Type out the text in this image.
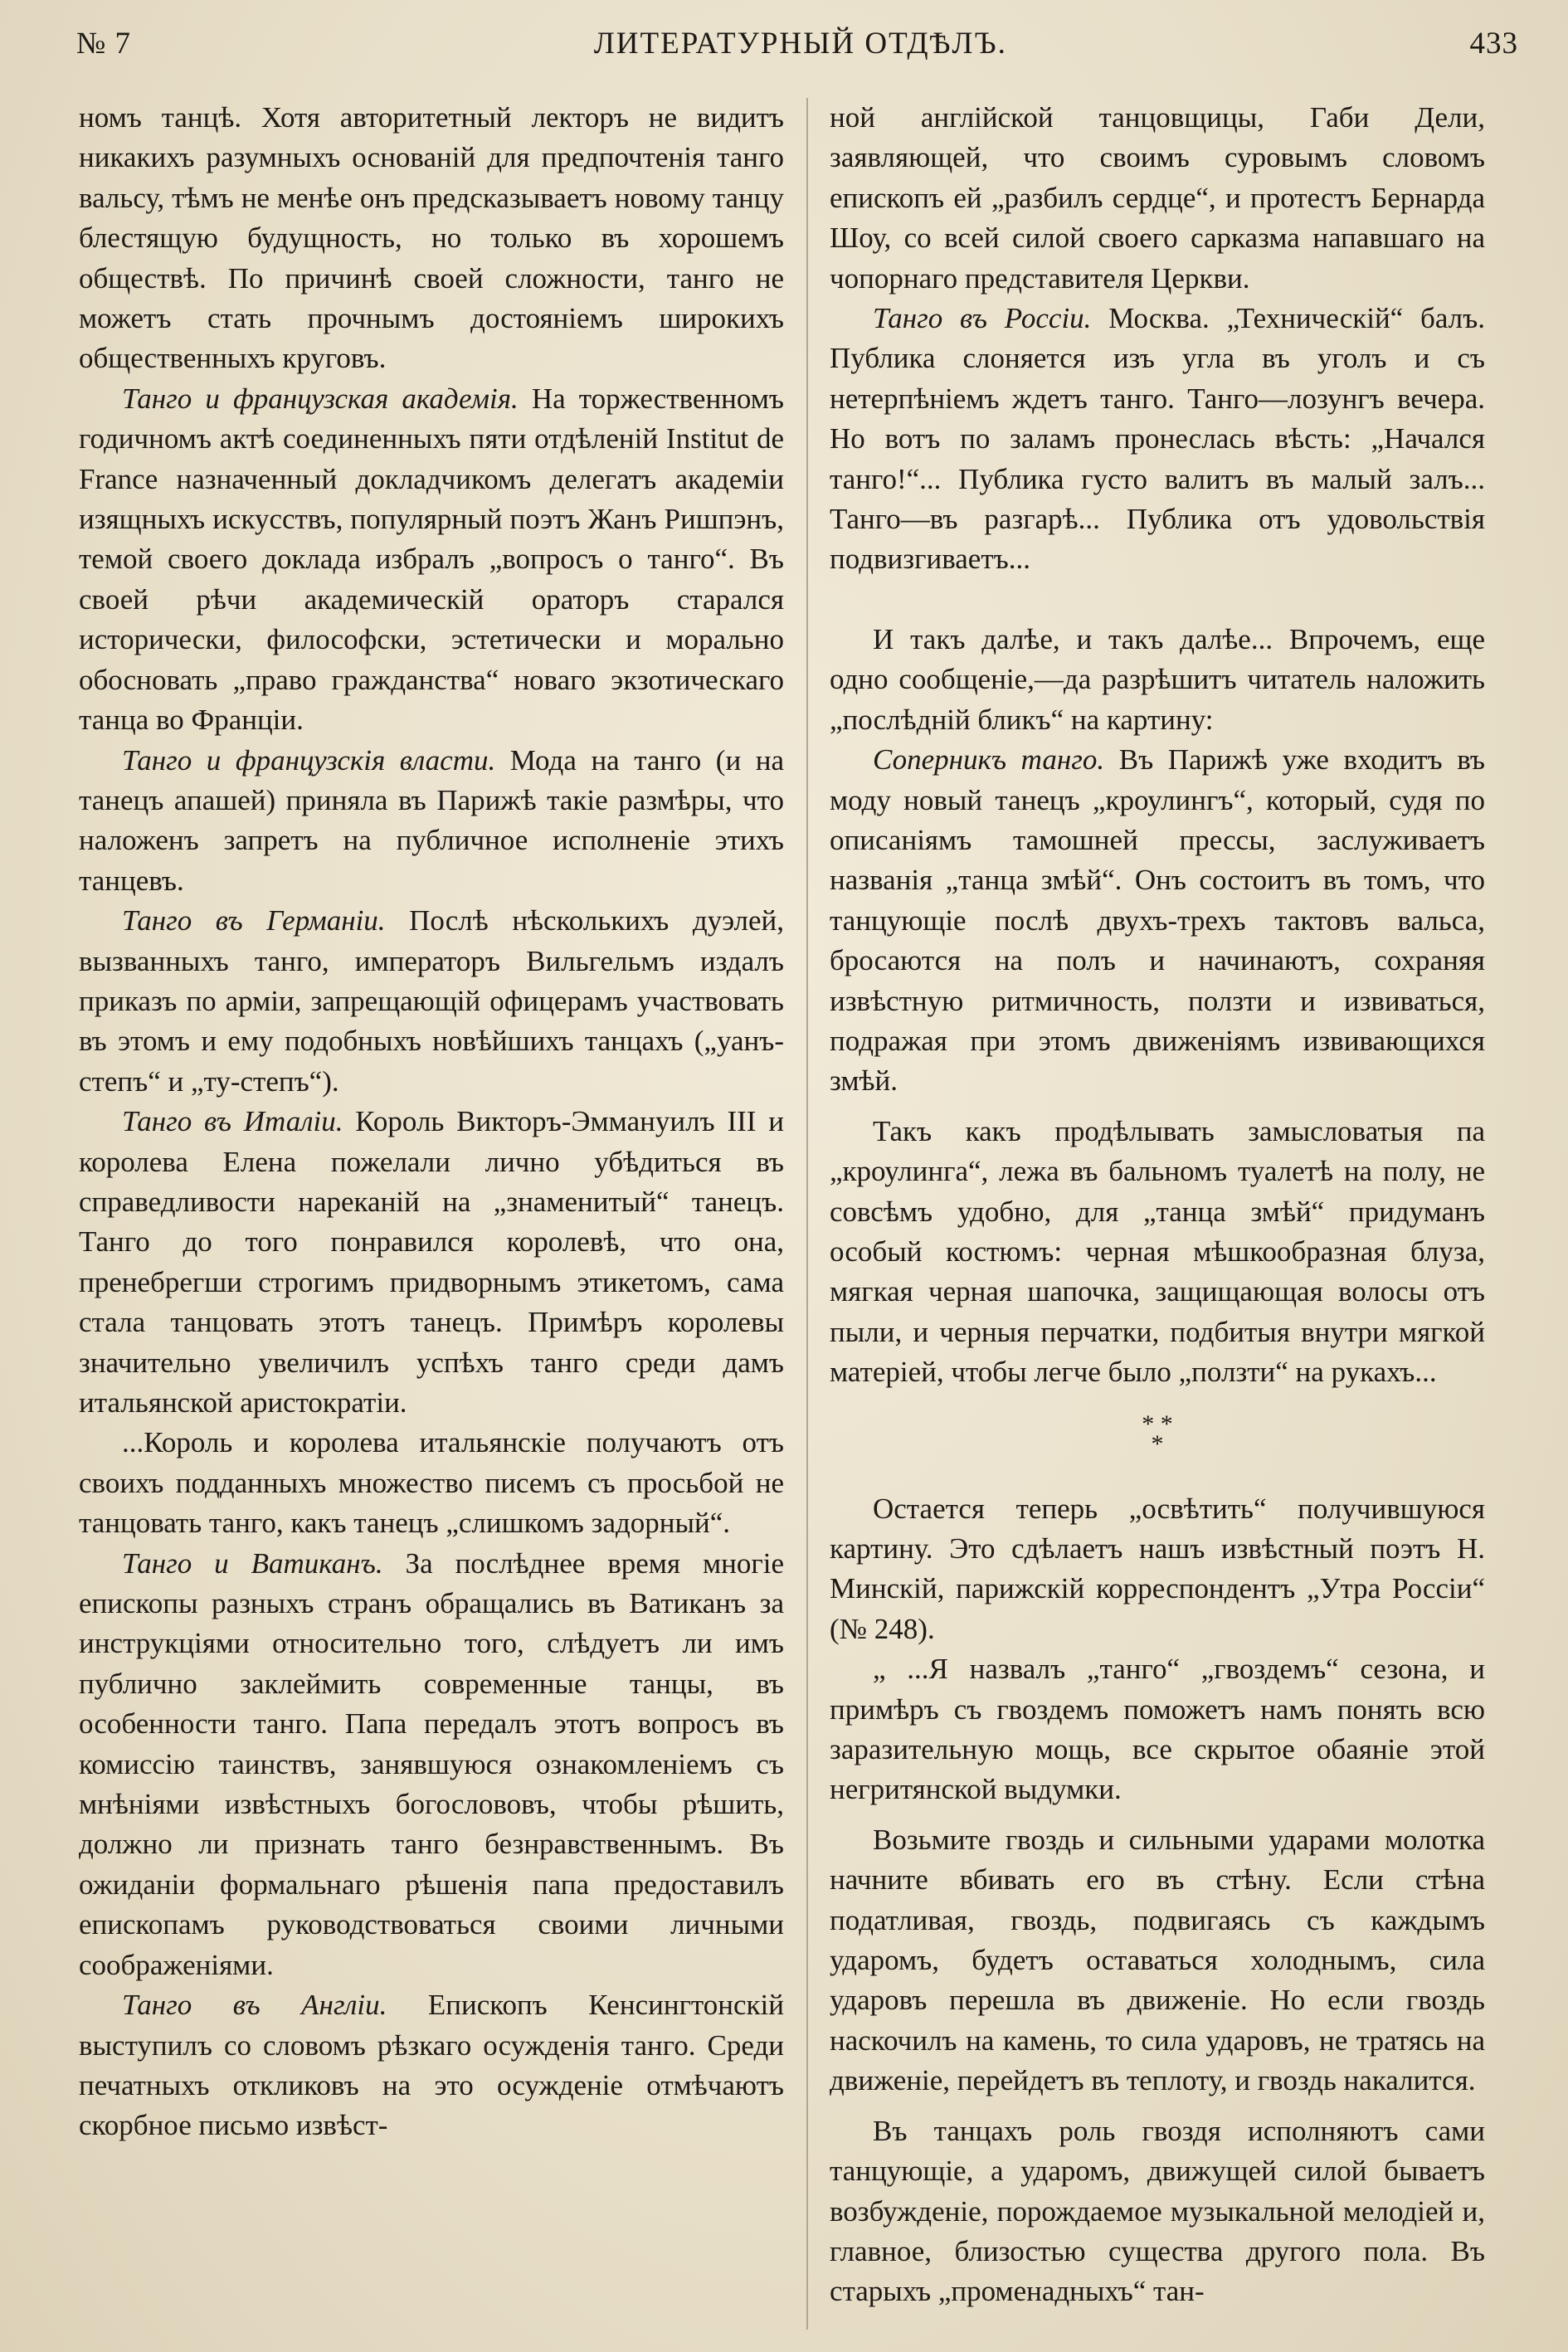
№ 7	ЛИТЕРАТУРНЫЙ ОТДѢЛЪ.	433

номъ танцѣ. Хотя авторитетный лекторъ не видитъ никакихъ разумныхъ основаній для предпочтенія танго вальсу, тѣмъ не менѣе онъ предсказываетъ новому танцу блестящую будущность, но только въ хорошемъ обществѣ. По причинѣ своей сложности, танго не можетъ стать прочнымъ достояніемъ широкихъ общественныхъ круговъ.

Танго и французская академія. На торжественномъ годичномъ актѣ соединенныхъ пяти отдѣленій Institut de France назначенный докладчикомъ делегатъ академіи изящныхъ искусствъ, популярный поэтъ Жанъ Ришпэнъ, темой своего доклада избралъ „вопросъ о танго“. Въ своей рѣчи академическій ораторъ старался исторически, философски, эстетически и морально обосновать „право гражданства“ новаго экзотическаго танца во Франціи.

Танго и французскія власти. Мода на танго (и на танецъ апашей) приняла въ Парижѣ такіе размѣры, что наложенъ запретъ на публичное исполненіе этихъ танцевъ.

Танго въ Германіи. Послѣ нѣсколькихъ дуэлей, вызванныхъ танго, императоръ Вильгельмъ издалъ приказъ по арміи, запрещающій офицерамъ участвовать въ этомъ и ему подобныхъ новѣйшихъ танцахъ („уанъ-степъ“ и „ту-степъ“).

Танго въ Италіи. Король Викторъ-Эммануилъ III и королева Елена пожелали лично убѣдиться въ справедливости нареканій на „знаменитый“ танецъ. Танго до того понравился королевѣ, что она, пренебрегши строгимъ придворнымъ этикетомъ, сама стала танцовать этотъ танецъ. Примѣръ королевы значительно увеличилъ успѣхъ танго среди дамъ итальянской аристократіи.

...Король и королева итальянскіе получаютъ отъ своихъ подданныхъ множество писемъ съ просьбой не танцовать танго, какъ танецъ „слишкомъ задорный“.

Танго и Ватиканъ. За послѣднее время многіе епископы разныхъ странъ обращались въ Ватиканъ за инструкціями относительно того, слѣдуетъ ли имъ публично заклеймить современные танцы, въ особенности танго. Папа передалъ этотъ вопросъ въ комиссію таинствъ, занявшуюся ознакомленіемъ съ мнѣніями извѣстныхъ богослововъ, чтобы рѣшить, должно ли признать танго безнравственнымъ. Въ ожиданіи формальнаго рѣшенія папа предоставилъ епископамъ руководствоваться своими личными соображеніями.

Танго въ Англіи. Епископъ Кенсингтонскій выступилъ со словомъ рѣзкаго осужденія танго. Среди печатныхъ откликовъ на это осужденіе отмѣчаютъ скорбное письмо извѣст-

ной англійской танцовщицы, Габи Дели, заявляющей, что своимъ суровымъ словомъ епископъ ей „разбилъ сердце“, и протестъ Бернарда Шоу, со всей силой своего сарказма напавшаго на чопорнаго представителя Церкви.

Танго въ Россіи. Москва. „Техническій“ балъ. Публика слоняется изъ угла въ уголъ и съ нетерпѣніемъ ждетъ танго. Танго—лозунгъ вечера. Но вотъ по заламъ пронеслась вѣсть: „Начался танго!“... Публика густо валитъ въ малый залъ... Танго—въ разгарѣ... Публика отъ удовольствія подвизгиваетъ...

И такъ далѣе, и такъ далѣе... Впрочемъ, еще одно сообщеніе,—да разрѣшитъ читатель наложить „послѣдній бликъ“ на картину:

Соперникъ танго. Въ Парижѣ уже входитъ въ моду новый танецъ „кроулингъ“, который, судя по описаніямъ тамошней прессы, заслуживаетъ названія „танца змѣй“. Онъ состоитъ въ томъ, что танцующіе послѣ двухъ-трехъ тактовъ вальса, бросаются на полъ и начинаютъ, сохраняя извѣстную ритмичность, ползти и извиваться, подражая при этомъ движеніямъ извивающихся змѣй.

Такъ какъ продѣлывать замысловатыя па „кроулинга“, лежа въ бальномъ туалетѣ на полу, не совсѣмъ удобно, для „танца змѣй“ придуманъ особый костюмъ: черная мѣшкообразная блуза, мягкая черная шапочка, защищающая волосы отъ пыли, и черныя перчатки, подбитыя внутри мягкой матеріей, чтобы легче было „ползти“ на рукахъ...

* *
*

Остается теперь „освѣтить“ получившуюся картину. Это сдѣлаетъ нашъ извѣстный поэтъ Н. Минскій, парижскій корреспондентъ „Утра Россіи“ (№ 248).

„ ...Я назвалъ „танго“ „гвоздемъ“ сезона, и примѣръ съ гвоздемъ поможетъ намъ понять всю заразительную мощь, все скрытое обаяніе этой негритянской выдумки.

Возьмите гвоздь и сильными ударами молотка начните вбивать его въ стѣну. Если стѣна податливая, гвоздь, подвигаясь съ каждымъ ударомъ, будетъ оставаться холоднымъ, сила ударовъ перешла въ движеніе. Но если гвоздь наскочилъ на камень, то сила ударовъ, не тратясь на движеніе, перейдетъ въ теплоту, и гвоздь накалится.

Въ танцахъ роль гвоздя исполняютъ сами танцующіе, а ударомъ, движущей силой бываетъ возбужденіе, порождаемое музыкальной мелодіей и, главное, близостью существа другого пола. Въ старыхъ „променадныхъ“ тан-
